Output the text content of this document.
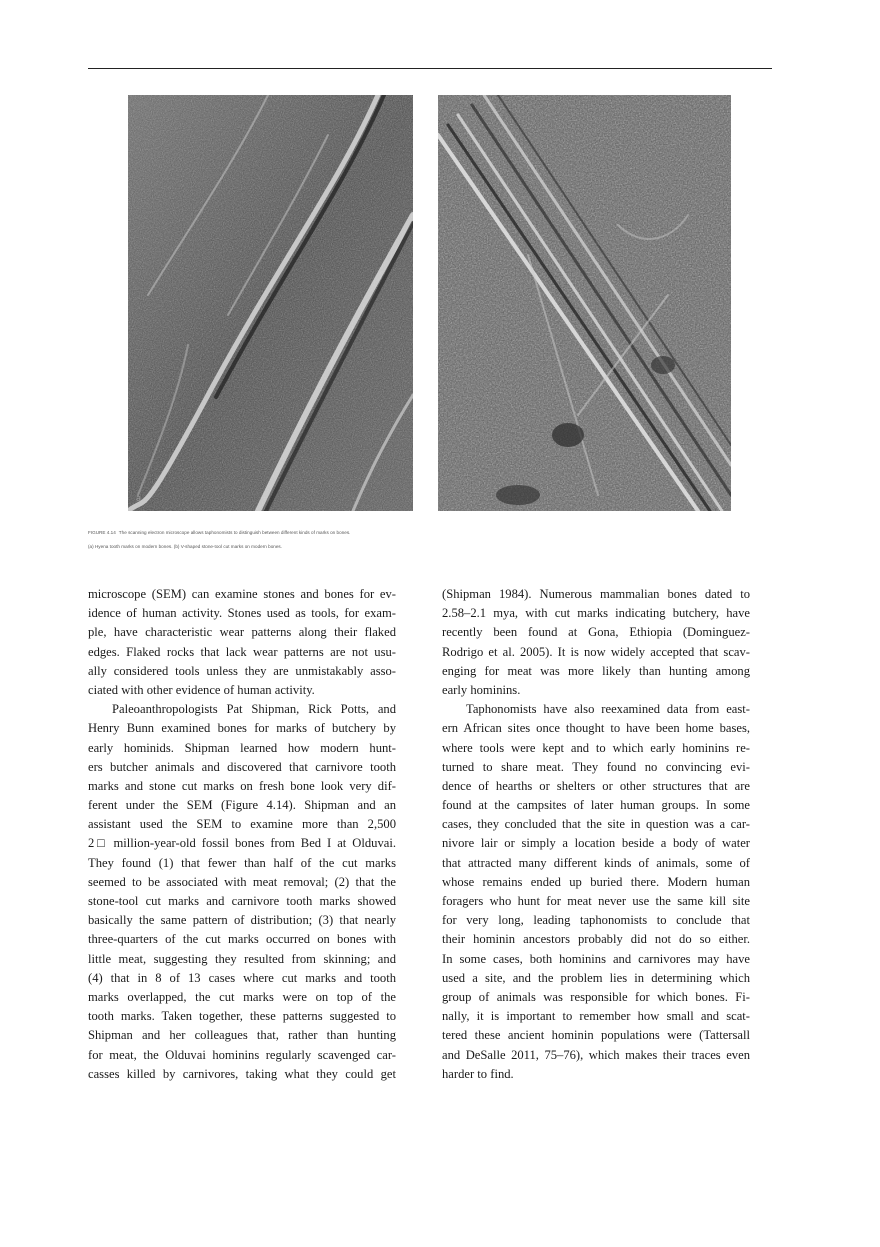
a
FIGURE 4.14 The scanning electron microscope allows taphonomists to distinguish between different kinds of marks on bones.
(a) Hyena tooth marks on modern bones. (b) V-shaped stone-tool cut marks on modern bones.
microscope (SEM) can examine stones and bones for ev-
idence of human activity. Stones used as tools, for exam-
ple, have characteristic wear patterns along their flaked
edges. Flaked rocks that lack wear patterns are not usu-
ally considered tools unless they are unmistakably asso-
ciated with other evidence of human activity.
Paleoanthropologists Pat Shipman, Rick Potts, and
Henry Bunn examined bones for marks of butchery by
early hominids. Shipman learned how modern hunt-
ers butcher animals and discovered that carnivore tooth
marks and stone cut marks on fresh bone look very dif-
ferent under the SEM (Figure 4.14). Shipman and an
assistant used the SEM to examine more than 2,500
2□ million-year-old fossil bones from Bed I at Olduvai.
They found (1) that fewer than half of the cut marks
seemed to be associated with meat removal; (2) that the
stone-tool cut marks and carnivore tooth marks showed
basically the same pattern of distribution; (3) that nearly
three-quarters of the cut marks occurred on bones with
little meat, suggesting they resulted from skinning; and
(4) that in 8 of 13 cases where cut marks and tooth
marks overlapped, the cut marks were on top of the
tooth marks. Taken together, these patterns suggested to
Shipman and her colleagues that, rather than hunting
for meat, the Olduvai hominins regularly scavenged car-
casses killed by carnivores, taking what they could get
(Shipman 1984). Numerous mammalian bones dated to
2.58–2.1 mya, with cut marks indicating butchery, have
recently been found at Gona, Ethiopia (Dominguez-
Rodrigo et al. 2005). It is now widely accepted that scav-
enging for meat was more likely than hunting among
early hominins.
Taphonomists have also reexamined data from east-
ern African sites once thought to have been home bases,
where tools were kept and to which early hominins re-
turned to share meat. They found no convincing evi-
dence of hearths or shelters or other structures that are
found at the campsites of later human groups. In some
cases, they concluded that the site in question was a car-
nivore lair or simply a location beside a body of water
that attracted many different kinds of animals, some of
whose remains ended up buried there. Modern human
foragers who hunt for meat never use the same kill site
for very long, leading taphonomists to conclude that
their hominin ancestors probably did not do so either.
In some cases, both hominins and carnivores may have
used a site, and the problem lies in determining which
group of animals was responsible for which bones. Fi-
nally, it is important to remember how small and scat-
tered these ancient hominin populations were (Tattersall
and DeSalle 2011, 75–76), which makes their traces even
harder to find.
